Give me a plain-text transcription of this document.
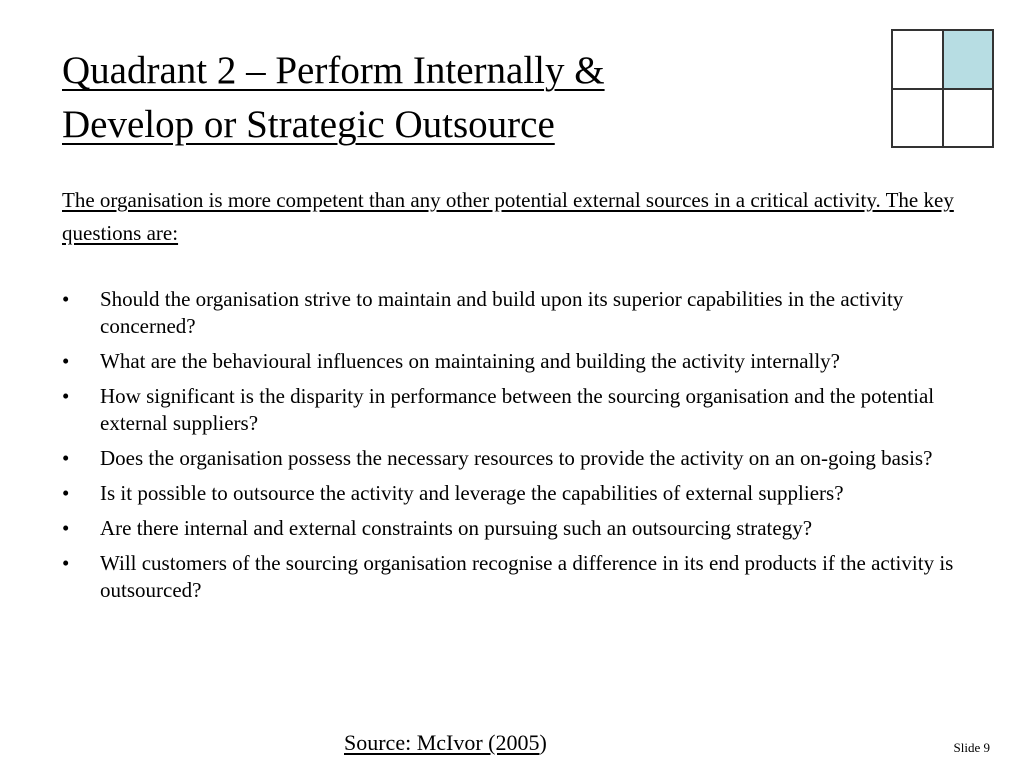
Quadrant 2 – Perform Internally &
Develop or Strategic Outsource

The organisation is more competent than any other potential external sources in a critical activity. The key questions are:

• Should the organisation strive to maintain and build upon its superior capabilities in the activity concerned?
• What are the behavioural influences on maintaining and building the activity internally?
• How significant is the disparity in performance between the sourcing organisation and the potential external suppliers?
• Does the organisation possess the necessary resources to provide the activity on an on-going basis?
• Is it possible to outsource the activity and leverage the capabilities of external suppliers?
• Are there internal and external constraints on pursuing such an outsourcing strategy?
• Will customers of the sourcing organisation recognise a difference in its end products if the activity is outsourced?
Source: McIvor (2005)	Slide 9
